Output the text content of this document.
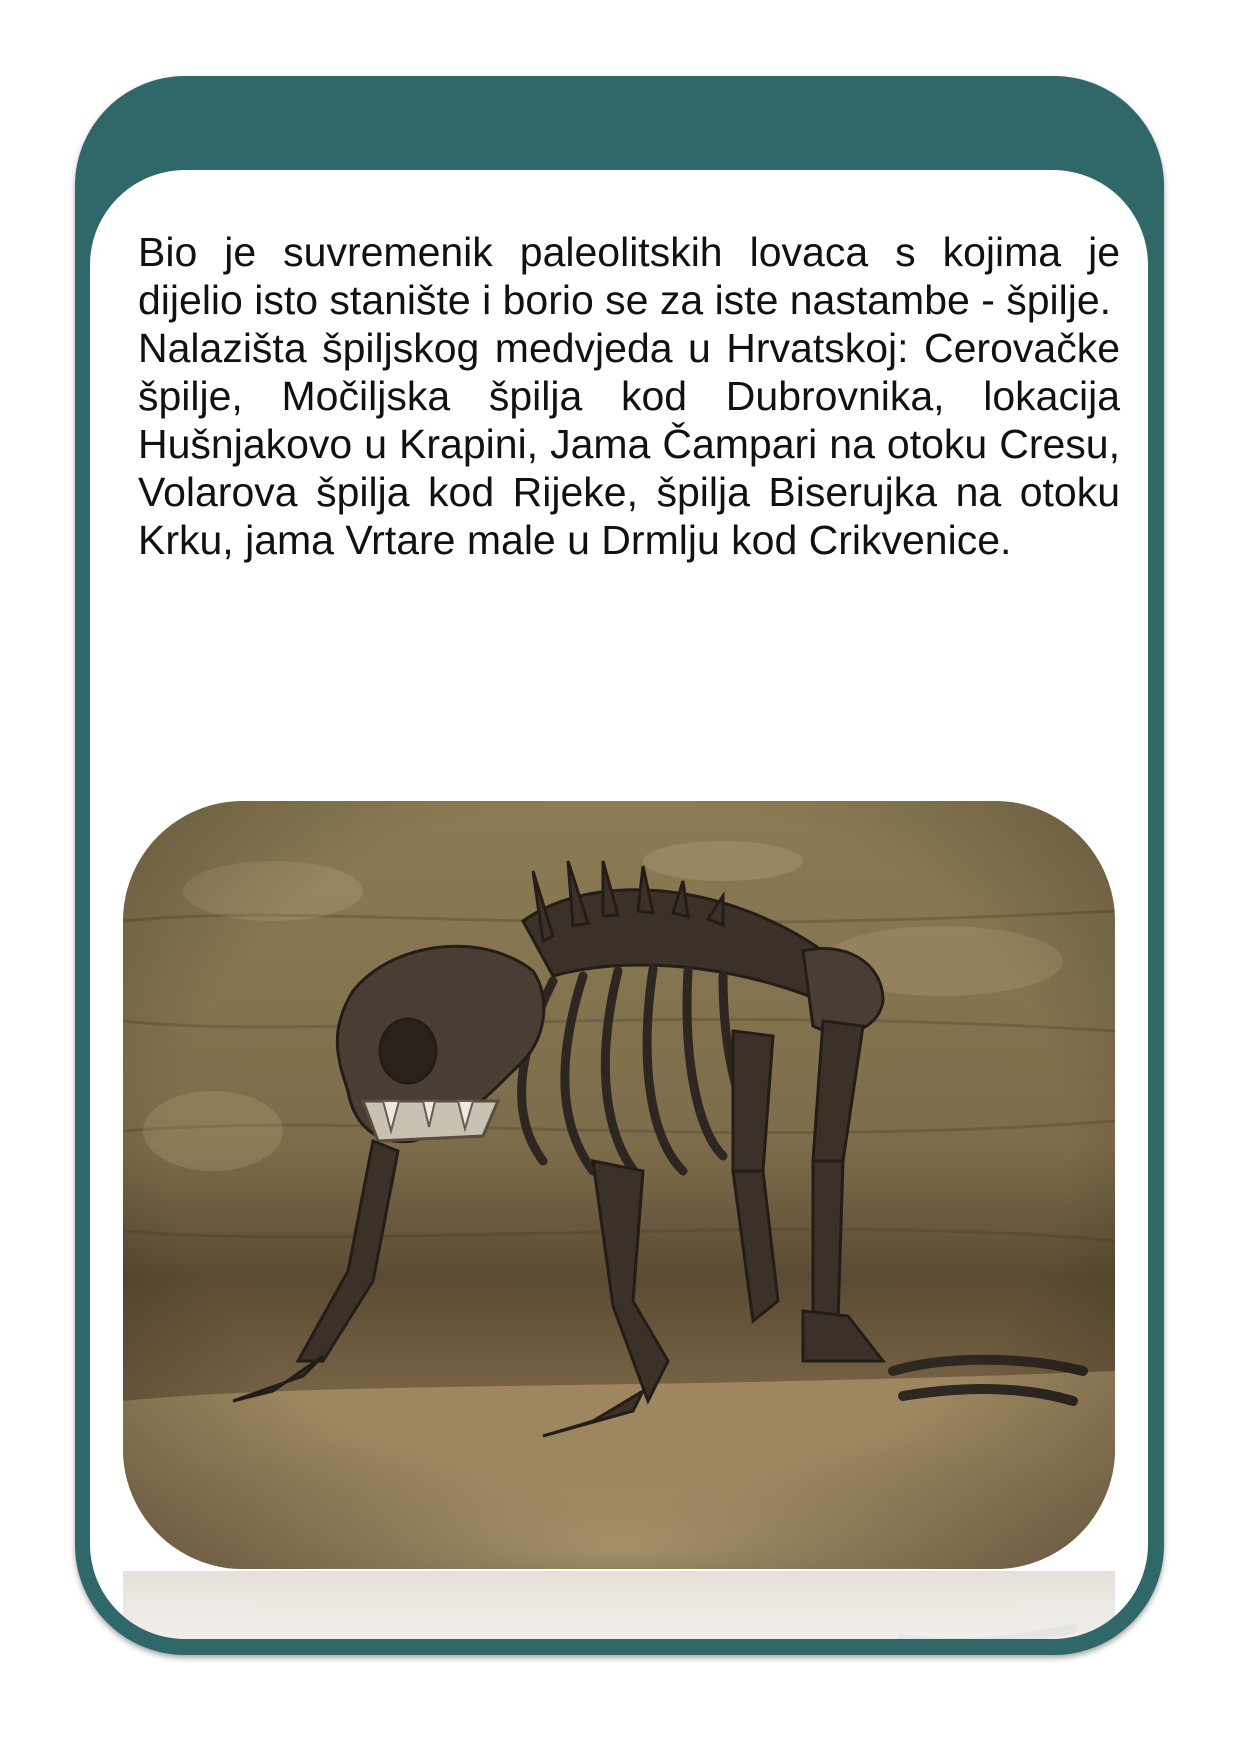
Bio je suvremenik paleolitskih lovaca s kojima je dijelio isto stanište i borio se za iste nastambe - špilje.

Nalazišta špiljskog medvjeda u Hrvatskoj: Cerovačke špilje, Močiljska špilja kod Dubrovnika, lokacija Hušnjakovo u Krapini, Jama Čampari na otoku Cresu, Volarova špilja kod Rijeke, špilja Biserujka na otoku Krku, jama Vrtare male u Drmlju kod Crikvenice.
